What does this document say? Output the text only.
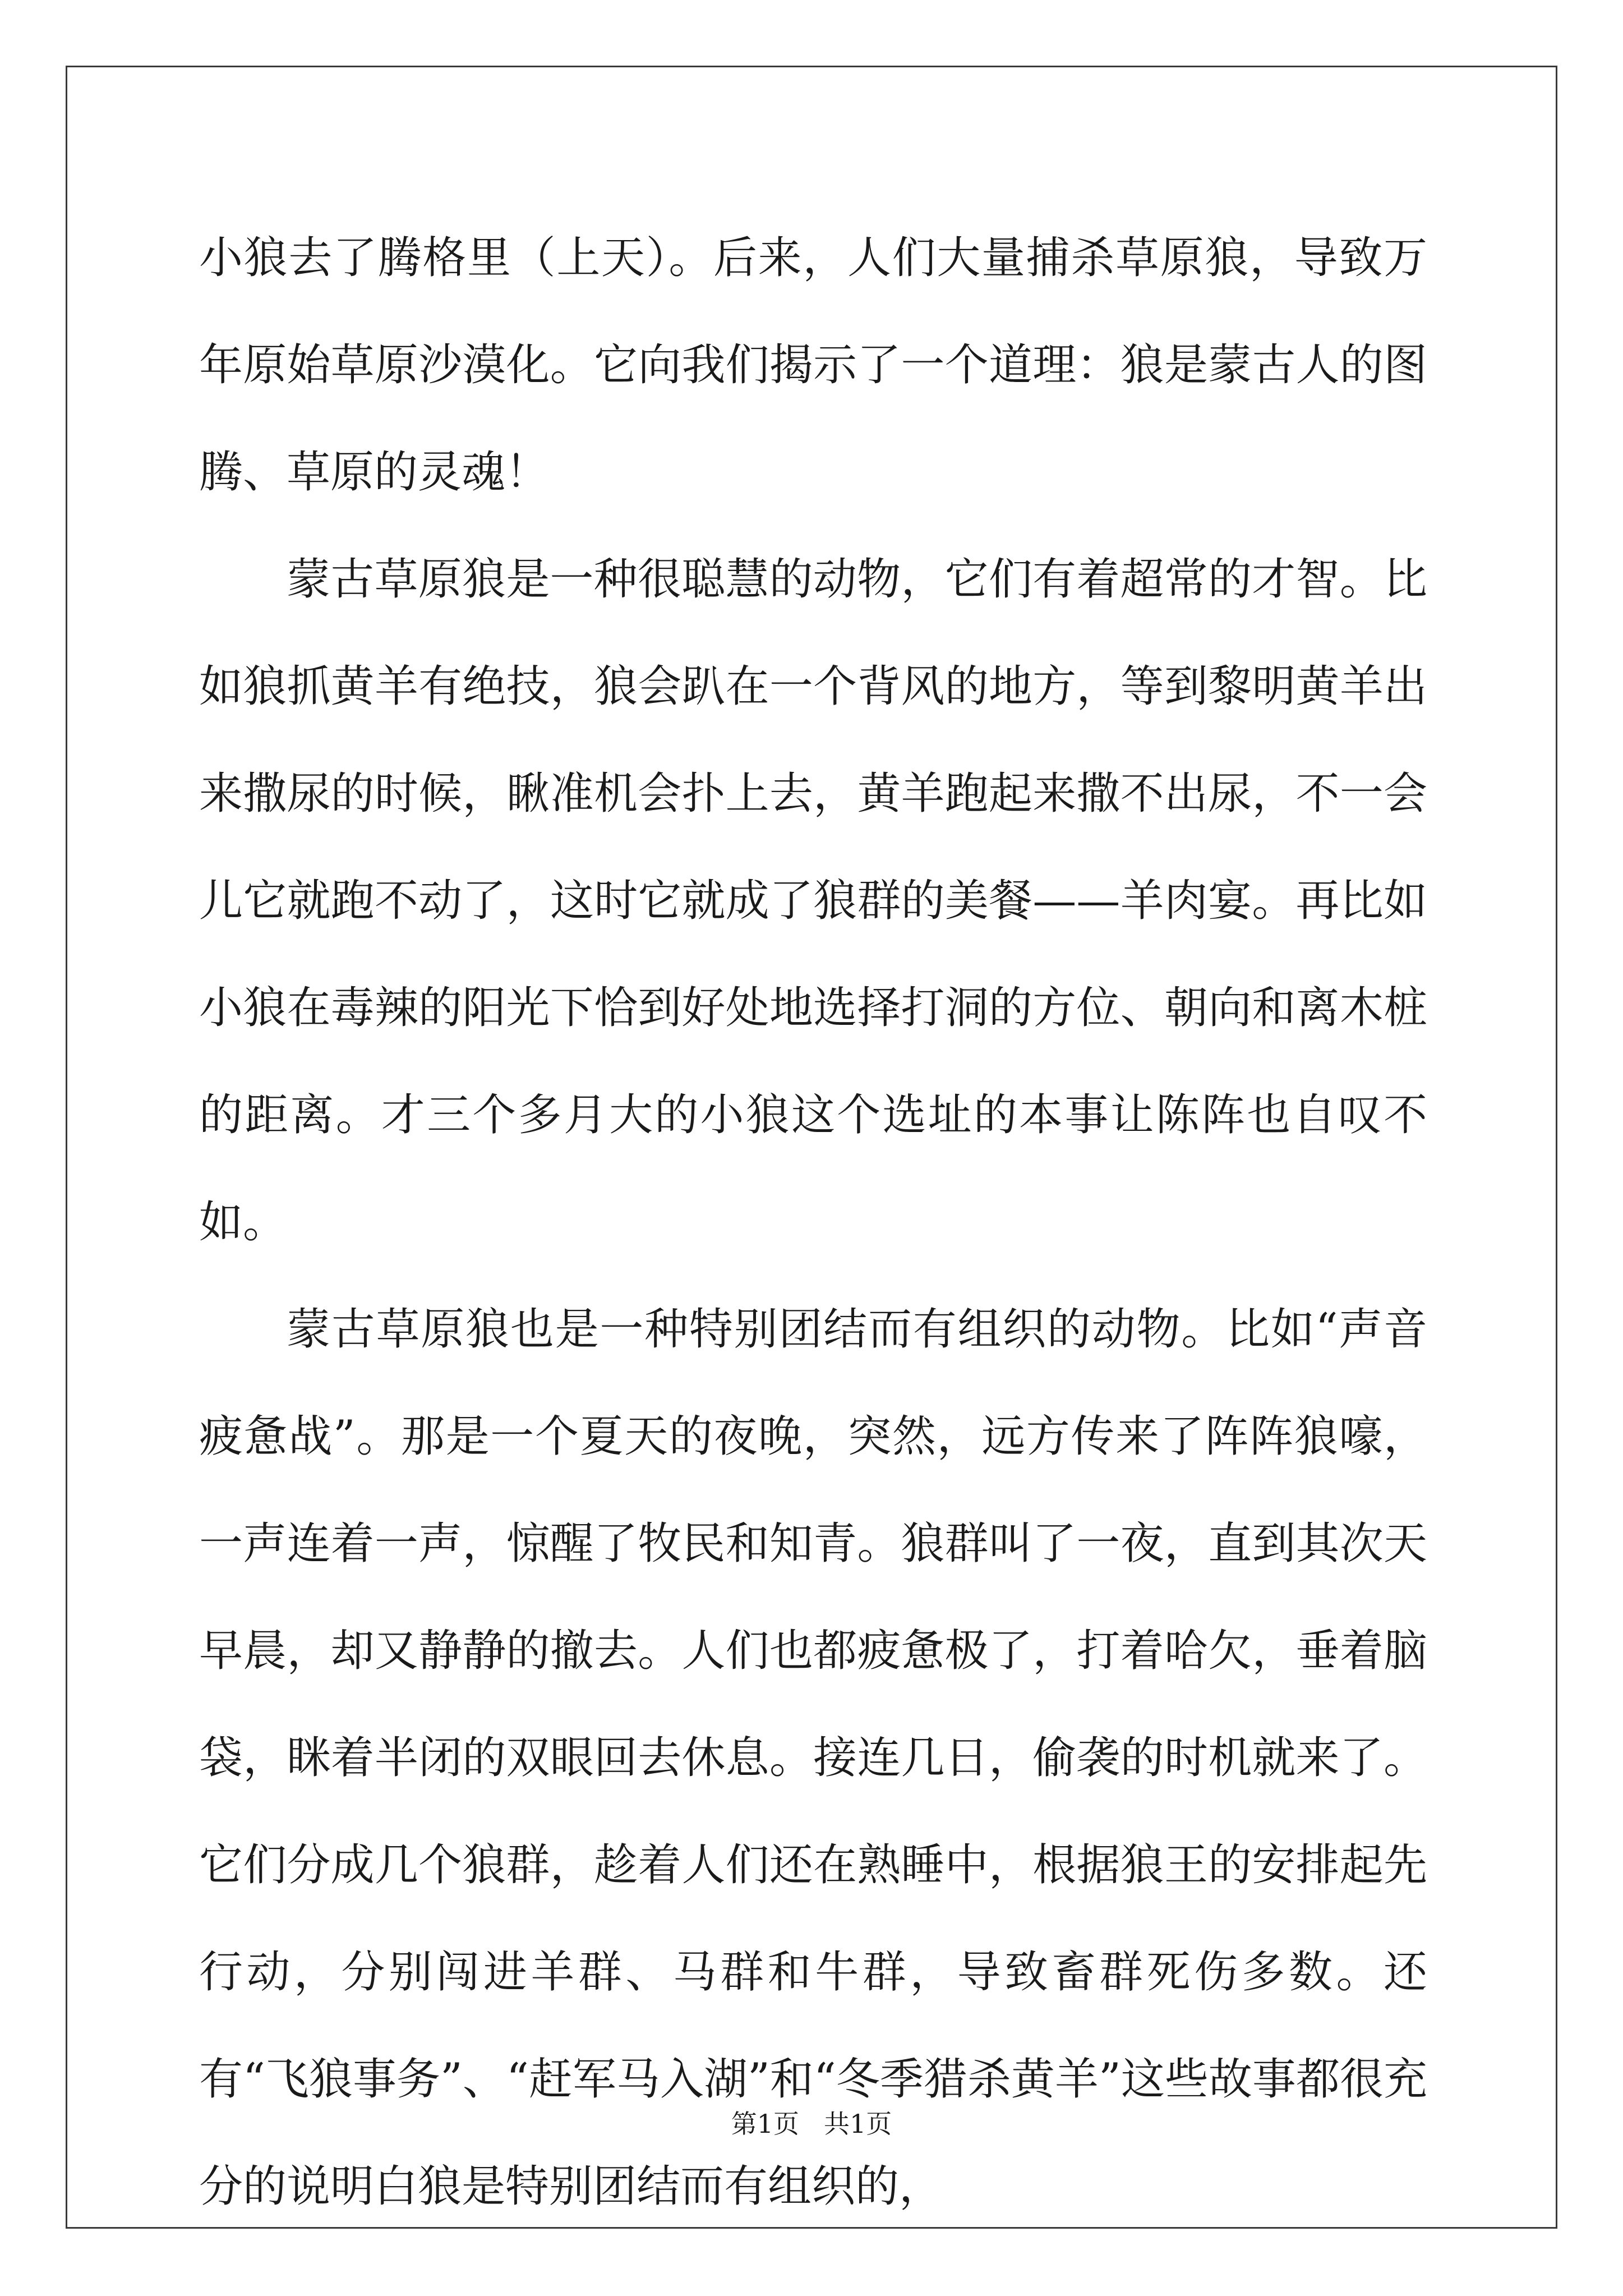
小狼去了腾格里（上天）。后来，人们大量捕杀草原狼，导致万年原始草原沙漠化。它向我们揭示了一个道理：狼是蒙古人的图腾、草原的灵魂！

蒙古草原狼是一种很聪慧的动物，它们有着超常的才智。比如狼抓黄羊有绝技，狼会趴在一个背风的地方，等到黎明黄羊出来撒尿的时候，瞅准机会扑上去，黄羊跑起来撒不出尿，不一会儿它就跑不动了，这时它就成了狼群的美餐——羊肉宴。再比如小狼在毒辣的阳光下恰到好处地选择打洞的方位、朝向和离木桩的距离。才三个多月大的小狼这个选址的本事让陈阵也自叹不如。

蒙古草原狼也是一种特别团结而有组织的动物。比如“声音疲惫战”。那是一个夏天的夜晚，突然，远方传来了阵阵狼嚎，一声连着一声，惊醒了牧民和知青。狼群叫了一夜，直到其次天早晨，却又静静的撤去。人们也都疲惫极了，打着哈欠，垂着脑袋，眯着半闭的双眼回去休息。接连几日，偷袭的时机就来了。它们分成几个狼群，趁着人们还在熟睡中，根据狼王的安排起先行动，分别闯进羊群、马群和牛群，导致畜群死伤多数。还有“飞狼事务”、“赶军马入湖”和“冬季猎杀黄羊”这些故事都很充分的说明白狼是特别团结而有组织的，

第1页 共1页
